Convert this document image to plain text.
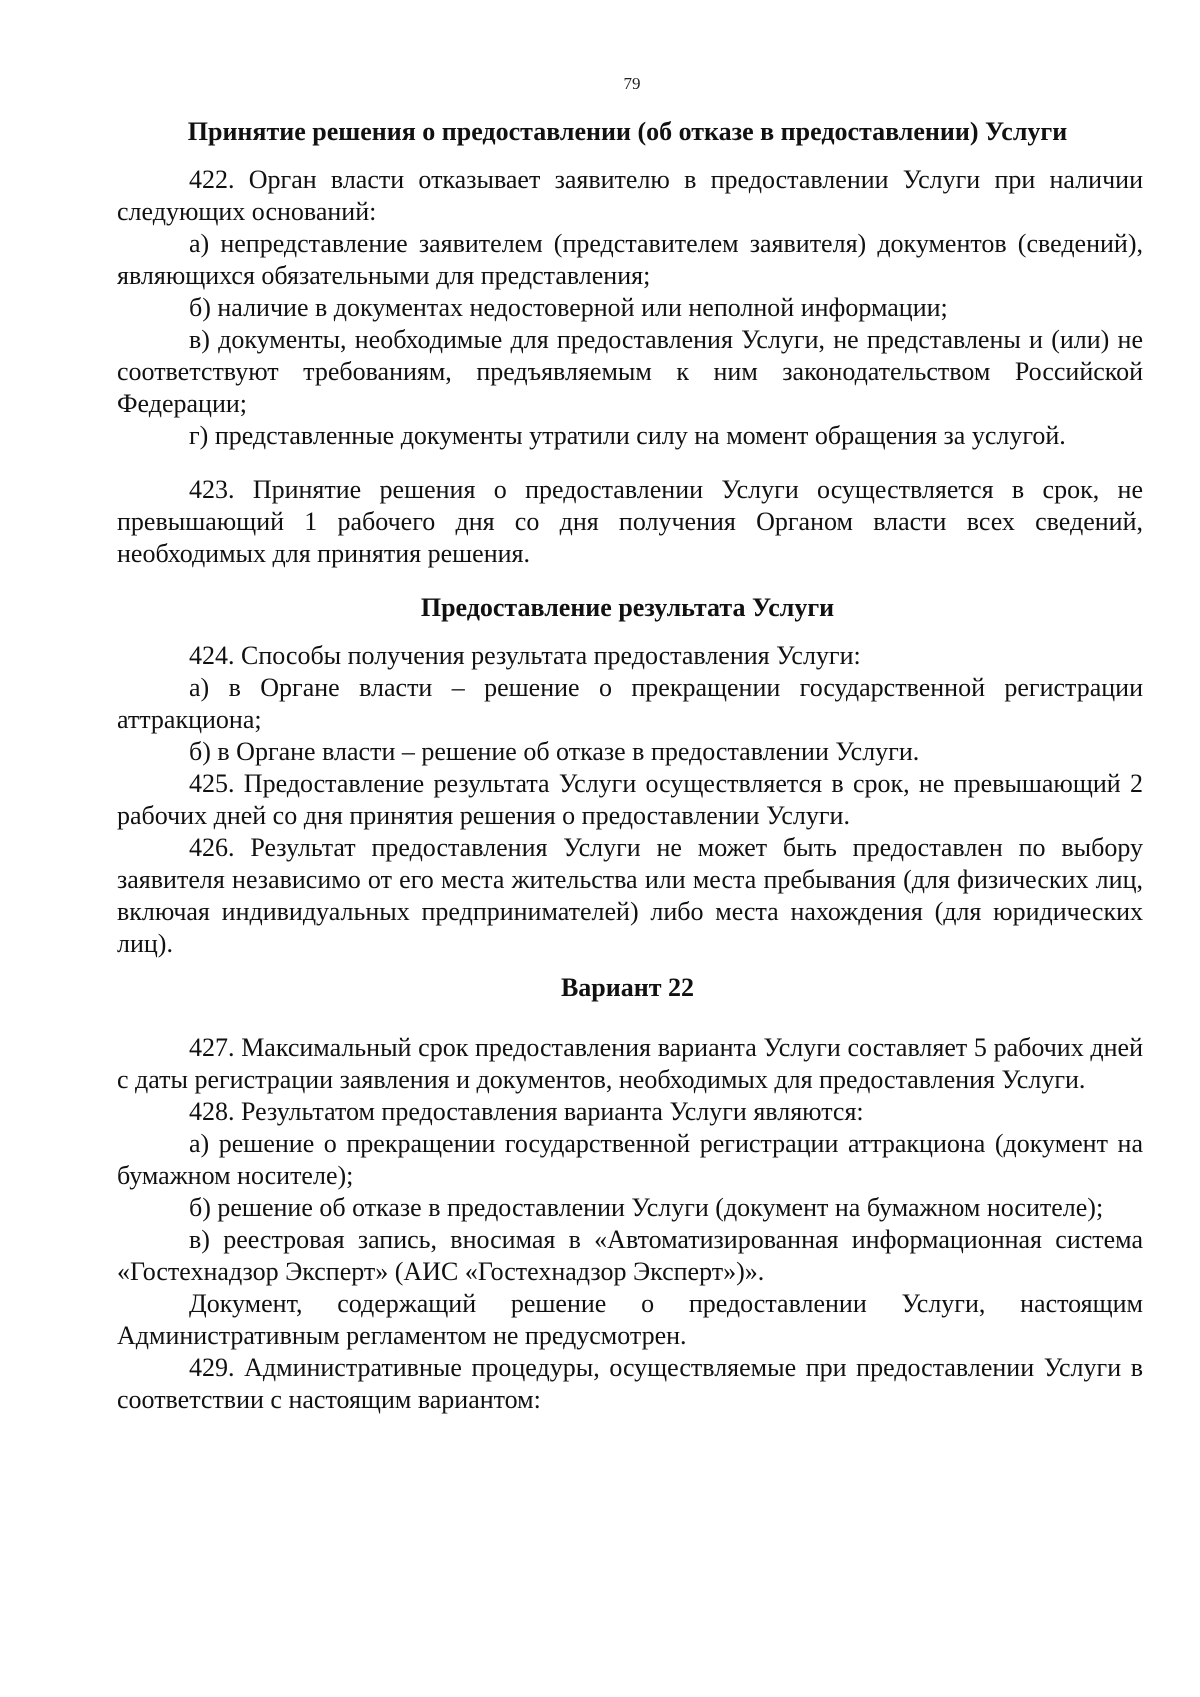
79
Принятие решения о предоставлении (об отказе в предоставлении) Услуги

422. Орган власти отказывает заявителю в предоставлении Услуги при наличии следующих оснований:

а) непредставление заявителем (представителем заявителя) документов (сведений), являющихся обязательными для представления;

б) наличие в документах недостоверной или неполной информации;

в) документы, необходимые для предоставления Услуги, не представлены и (или) не соответствуют требованиям, предъявляемым к ним законодательством Российской Федерации;

г) представленные документы утратили силу на момент обращения за услугой.

423. Принятие решения о предоставлении Услуги осуществляется в срок, не превышающий 1 рабочего дня со дня получения Органом власти всех сведений, необходимых для принятия решения.

Предоставление результата Услуги

424. Способы получения результата предоставления Услуги:

а) в Органе власти – решение о прекращении государственной регистрации аттракциона;

б) в Органе власти – решение об отказе в предоставлении Услуги.

425. Предоставление результата Услуги осуществляется в срок, не превышающий 2 рабочих дней со дня принятия решения о предоставлении Услуги.

426. Результат предоставления Услуги не может быть предоставлен по выбору заявителя независимо от его места жительства или места пребывания (для физических лиц, включая индивидуальных предпринимателей) либо места нахождения (для юридических лиц).

Вариант 22

427. Максимальный срок предоставления варианта Услуги составляет 5 рабочих дней с даты регистрации заявления и документов, необходимых для предоставления Услуги.

428. Результатом предоставления варианта Услуги являются:

а) решение о прекращении государственной регистрации аттракциона (документ на бумажном носителе);

б) решение об отказе в предоставлении Услуги (документ на бумажном носителе);

в) реестровая запись, вносимая в «Автоматизированная информационная система «Гостехнадзор Эксперт» (АИС «Гостехнадзор Эксперт»)».

Документ, содержащий решение о предоставлении Услуги, настоящим Административным регламентом не предусмотрен.

429. Административные процедуры, осуществляемые при предоставлении Услуги в соответствии с настоящим вариантом:
